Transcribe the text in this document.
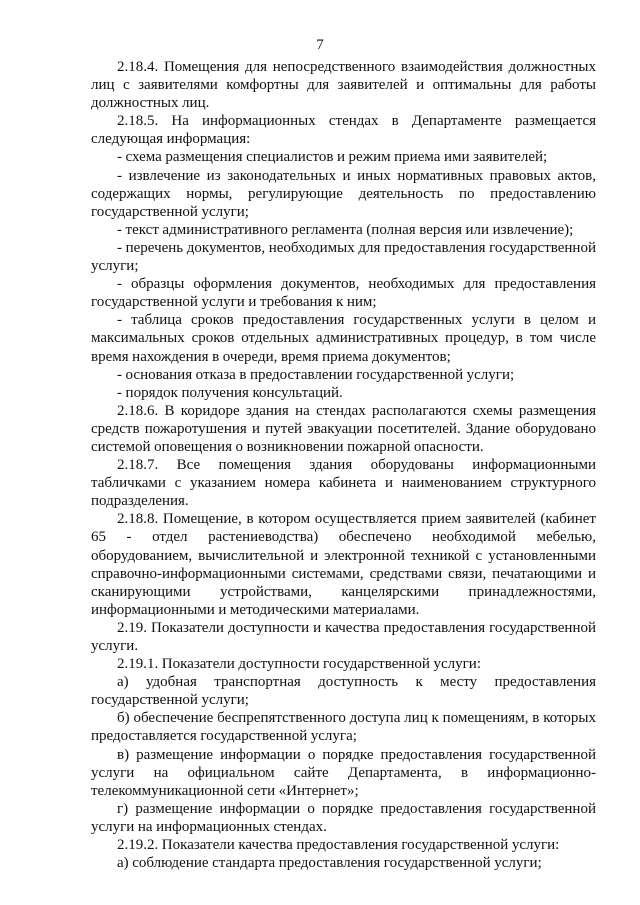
7

2.18.4. Помещения для непосредственного взаимодействия должностных лиц с заявителями комфортны для заявителей и оптимальны для работы должностных лиц.

2.18.5. На информационных стендах в Департаменте размещается следующая информация:

- схема размещения специалистов и режим приема ими заявителей;

- извлечение из законодательных и иных нормативных правовых актов, содержащих нормы, регулирующие деятельность по предоставлению государственной услуги;

- текст административного регламента (полная версия или извлечение);

- перечень документов, необходимых для предоставления государственной услуги;

- образцы оформления документов, необходимых для предоставления государственной услуги и требования к ним;

- таблица сроков предоставления государственных услуги в целом и максимальных сроков отдельных административных процедур, в том числе время нахождения в очереди, время приема документов;

- основания отказа в предоставлении государственной услуги;

- порядок получения консультаций.

2.18.6. В коридоре здания на стендах располагаются схемы размещения средств пожаротушения и путей эвакуации посетителей. Здание оборудовано системой оповещения о возникновении пожарной опасности.

2.18.7. Все помещения здания оборудованы информационными табличками с указанием номера кабинета и наименованием структурного подразделения.

2.18.8. Помещение, в котором осуществляется прием заявителей (кабинет 65 - отдел растениеводства) обеспечено необходимой мебелью, оборудованием, вычислительной и электронной техникой с установленными справочно-информационными системами, средствами связи, печатающими и сканирующими устройствами, канцелярскими принадлежностями, информационными и методическими материалами.

2.19. Показатели доступности и качества предоставления государственной услуги.

2.19.1. Показатели доступности государственной услуги:

а) удобная транспортная доступность к месту предоставления государственной услуги;

б) обеспечение беспрепятственного доступа лиц к помещениям, в которых предоставляется государственной услуга;

в) размещение информации о порядке предоставления государственной услуги на официальном сайте Департамента, в информационно-телекоммуникационной сети «Интернет»;

г) размещение информации о порядке предоставления государственной услуги на информационных стендах.

2.19.2. Показатели качества предоставления государственной услуги:

а) соблюдение стандарта предоставления государственной услуги;
